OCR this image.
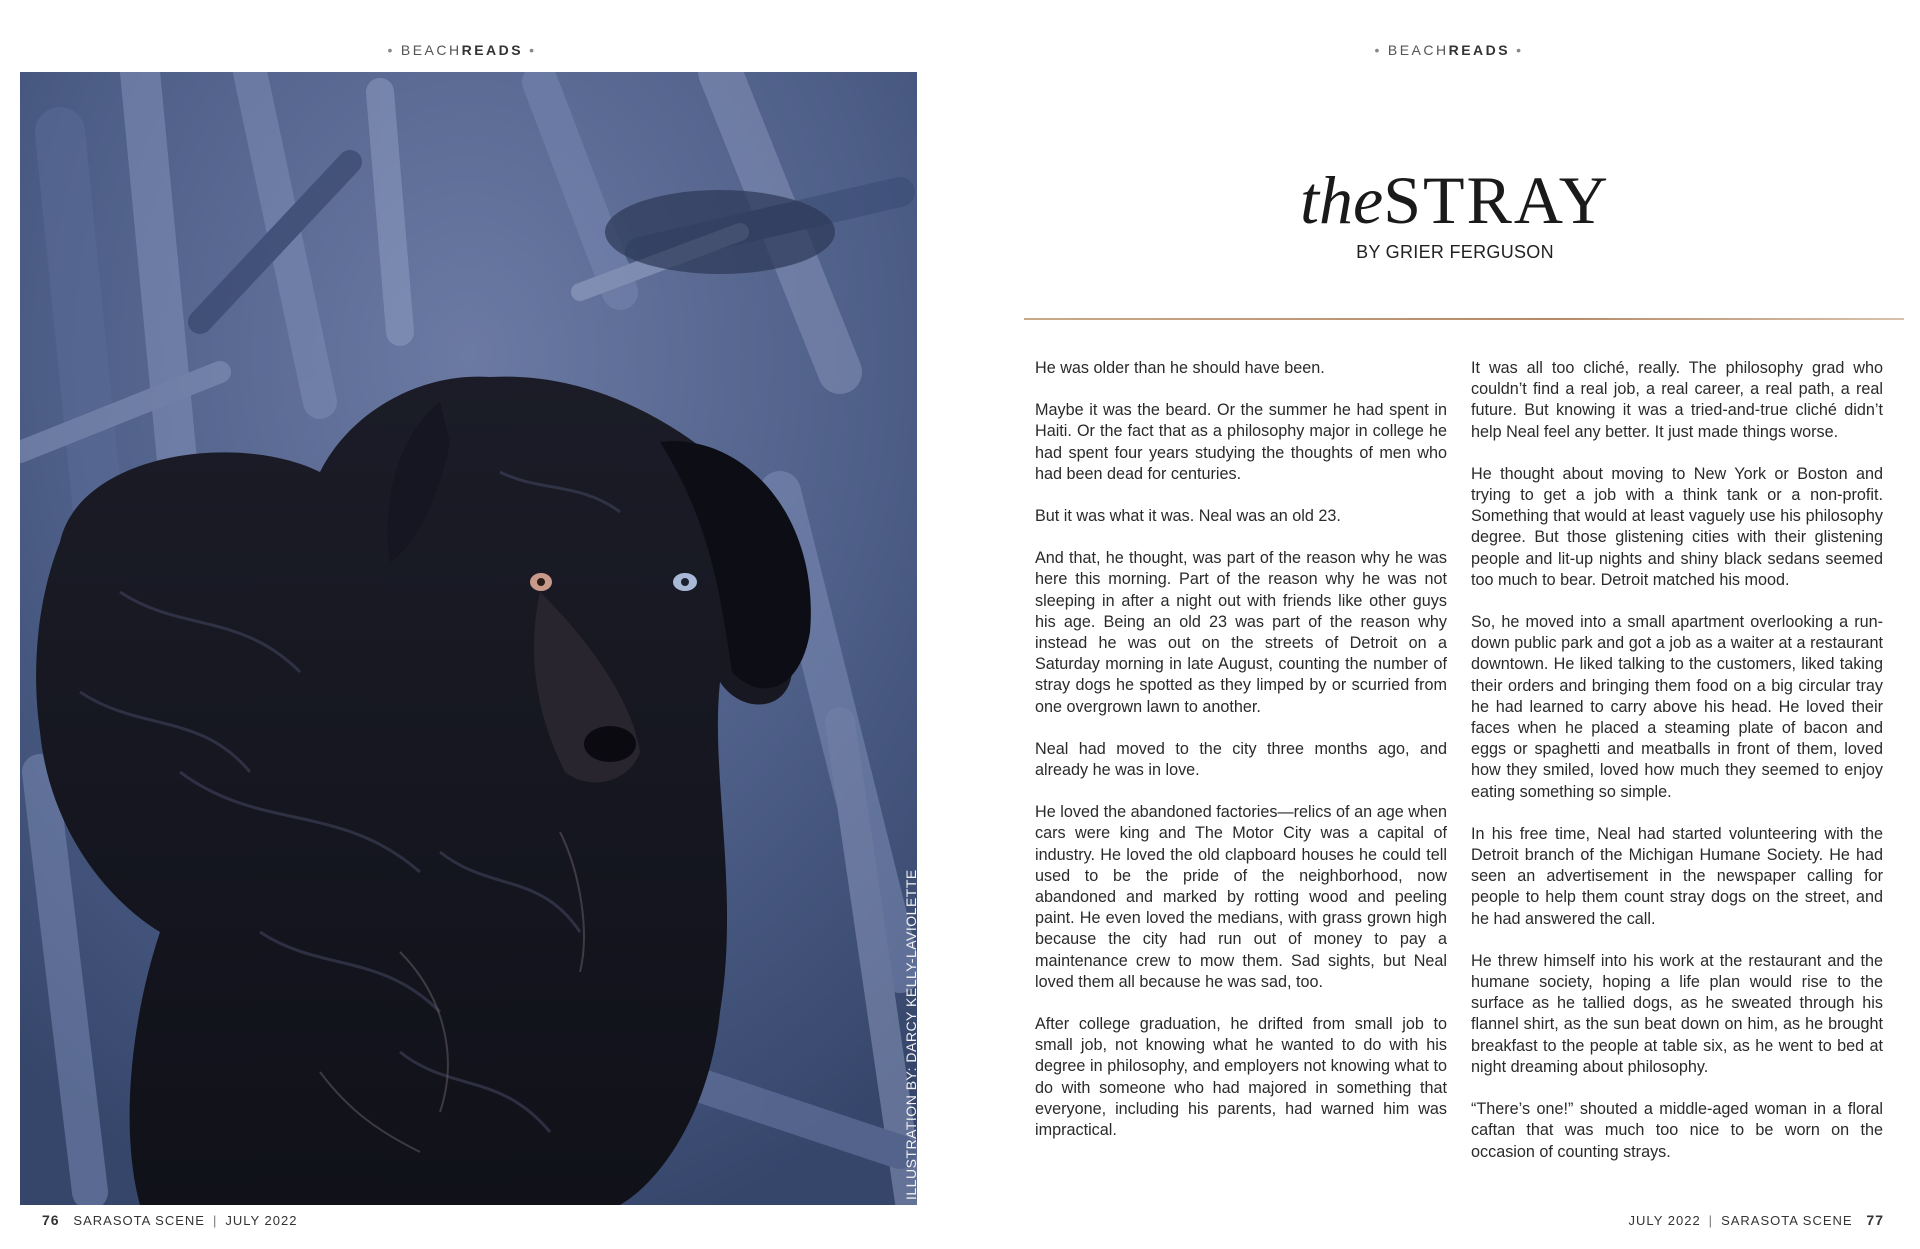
• BEACHREADS •	• BEACHREADS •
ILLUSTRATION BY: DARCY KELLY-LAVIOLETTE
theSTRAY
BY GRIER FERGUSON

He was older than he should have been.

Maybe it was the beard. Or the summer he had spent in Haiti. Or the fact that as a philosophy major in college he had spent four years studying the thoughts of men who had been dead for centuries.

But it was what it was. Neal was an old 23.

And that, he thought, was part of the reason why he was here this morning. Part of the reason why he was not sleeping in after a night out with friends like other guys his age. Being an old 23 was part of the reason why instead he was out on the streets of Detroit on a Saturday morning in late August, counting the number of stray dogs he spotted as they limped by or scurried from one overgrown lawn to another.

Neal had moved to the city three months ago, and already he was in love.

He loved the abandoned factories—relics of an age when cars were king and The Motor City was a capital of industry. He loved the old clapboard houses he could tell used to be the pride of the neighborhood, now abandoned and marked by rotting wood and peeling paint. He even loved the medians, with grass grown high because the city had run out of money to pay a maintenance crew to mow them. Sad sights, but Neal loved them all because he was sad, too.

After college graduation, he drifted from small job to small job, not knowing what he wanted to do with his degree in philosophy, and employers not knowing what to do with someone who had majored in something that everyone, including his parents, had warned him was impractical.

It was all too cliché, really. The philosophy grad who couldn’t find a real job, a real career, a real path, a real future. But knowing it was a tried-and-true cliché didn’t help Neal feel any better. It just made things worse.

He thought about moving to New York or Boston and trying to get a job with a think tank or a non-profit. Something that would at least vaguely use his philosophy degree. But those glistening cities with their glistening people and lit-up nights and shiny black sedans seemed too much to bear. Detroit matched his mood.

So, he moved into a small apartment overlooking a run-down public park and got a job as a waiter at a restaurant downtown. He liked talking to the customers, liked taking their orders and bringing them food on a big circular tray he had learned to carry above his head. He loved their faces when he placed a steaming plate of bacon and eggs or spaghetti and meatballs in front of them, loved how they smiled, loved how much they seemed to enjoy eating something so simple.

In his free time, Neal had started volunteering with the Detroit branch of the Michigan Humane Society. He had seen an advertisement in the newspaper calling for people to help them count stray dogs on the street, and he had answered the call.

He threw himself into his work at the restaurant and the humane society, hoping a life plan would rise to the surface as he tallied dogs, as he sweated through his flannel shirt, as the sun beat down on him, as he brought breakfast to the people at table six, as he went to bed at night dreaming about philosophy.

“There’s one!” shouted a middle-aged woman in a floral caftan that was much too nice to be worn on the occasion of counting strays.

76 SARASOTA SCENE | JULY 2022	JULY 2022 | SARASOTA SCENE 77
